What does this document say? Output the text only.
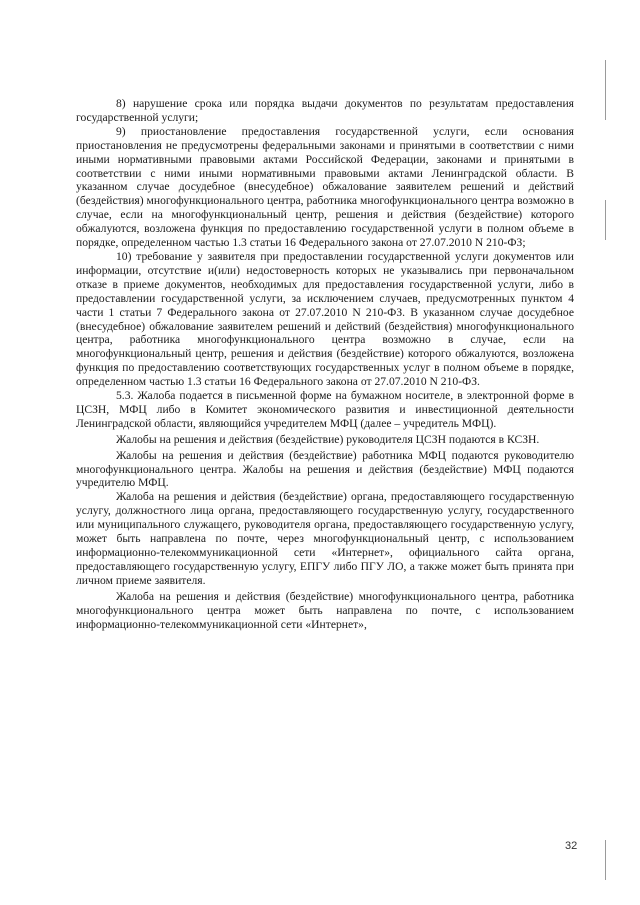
8) нарушение срока или порядка выдачи документов по результатам предоставления государственной услуги;

9) приостановление предоставления государственной услуги, если основания приостановления не предусмотрены федеральными законами и принятыми в соответствии с ними иными нормативными правовыми актами Российской Федерации, законами и принятыми в соответствии с ними иными нормативными правовыми актами Ленинградской области. В указанном случае досудебное (внесудебное) обжалование заявителем решений и действий (бездействия) многофункционального центра, работника многофункционального центра возможно в случае, если на многофункциональный центр, решения и действия (бездействие) которого обжалуются, возложена функция по предоставлению государственной услуги в полном объеме в порядке, определенном частью 1.3 статьи 16 Федерального закона от 27.07.2010 N 210-ФЗ;

10) требование у заявителя при предоставлении государственной услуги документов или информации, отсутствие и(или) недостоверность которых не указывались при первоначальном отказе в приеме документов, необходимых для предоставления государственной услуги, либо в предоставлении государственной услуги, за исключением случаев, предусмотренных пунктом 4 части 1 статьи 7 Федерального закона от 27.07.2010 N 210-ФЗ. В указанном случае досудебное (внесудебное) обжалование заявителем решений и действий (бездействия) многофункционального центра, работника многофункционального центра возможно в случае, если на многофункциональный центр, решения и действия (бездействие) которого обжалуются, возложена функция по предоставлению соответствующих государственных услуг в полном объеме в порядке, определенном частью 1.3 статьи 16 Федерального закона от 27.07.2010 N 210-ФЗ.

5.3. Жалоба подается в письменной форме на бумажном носителе, в электронной форме в ЦСЗН, МФЦ либо в Комитет экономического развития и инвестиционной деятельности Ленинградской области, являющийся учредителем МФЦ (далее – учредитель МФЦ).

Жалобы на решения и действия (бездействие) руководителя ЦСЗН подаются в КСЗН.

Жалобы на решения и действия (бездействие) работника МФЦ подаются руководителю многофункционального центра. Жалобы на решения и действия (бездействие) МФЦ подаются учредителю МФЦ.

Жалоба на решения и действия (бездействие) органа, предоставляющего государственную услугу, должностного лица органа, предоставляющего государственную услугу, государственного или муниципального служащего, руководителя органа, предоставляющего государственную услугу, может быть направлена по почте, через многофункциональный центр, с использованием информационно-телекоммуникационной сети «Интернет», официального сайта органа, предоставляющего государственную услугу, ЕПГУ либо ПГУ ЛО, а также может быть принята при личном приеме заявителя.

Жалоба на решения и действия (бездействие) многофункционального центра, работника многофункционального центра может быть направлена по почте, с использованием информационно-телекоммуникационной сети «Интернет»,

32
